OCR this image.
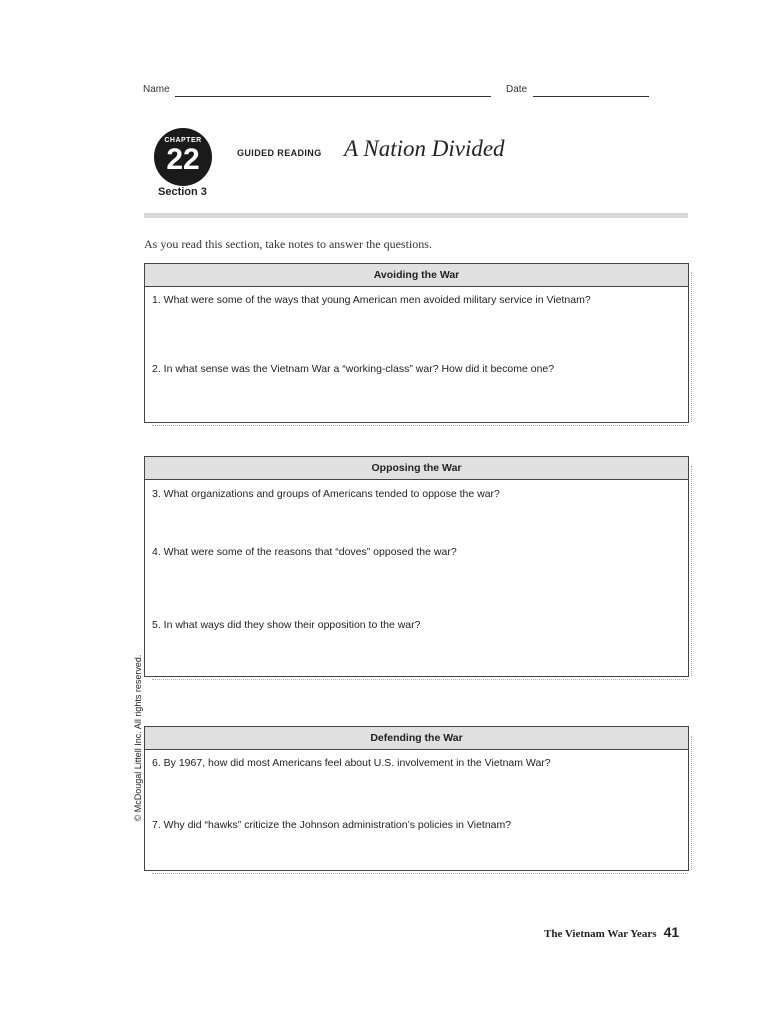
Name	Date
CHAPTER
22
Section 3
GUIDED READING A Nation Divided
As you read this section, take notes to answer the questions.
Avoiding the War
1. What were some of the ways that young American men avoided military service in Vietnam?
2. In what sense was the Vietnam War a “working-class” war? How did it become one?
Opposing the War
3. What organizations and groups of Americans tended to oppose the war?
4. What were some of the reasons that “doves” opposed the war?
5. In what ways did they show their opposition to the war?
Defending the War
6. By 1967, how did most Americans feel about U.S. involvement in the Vietnam War?
7. Why did “hawks” criticize the Johnson administration’s policies in Vietnam?
© McDougal Littell Inc. All rights reserved.
The Vietnam War Years 41
